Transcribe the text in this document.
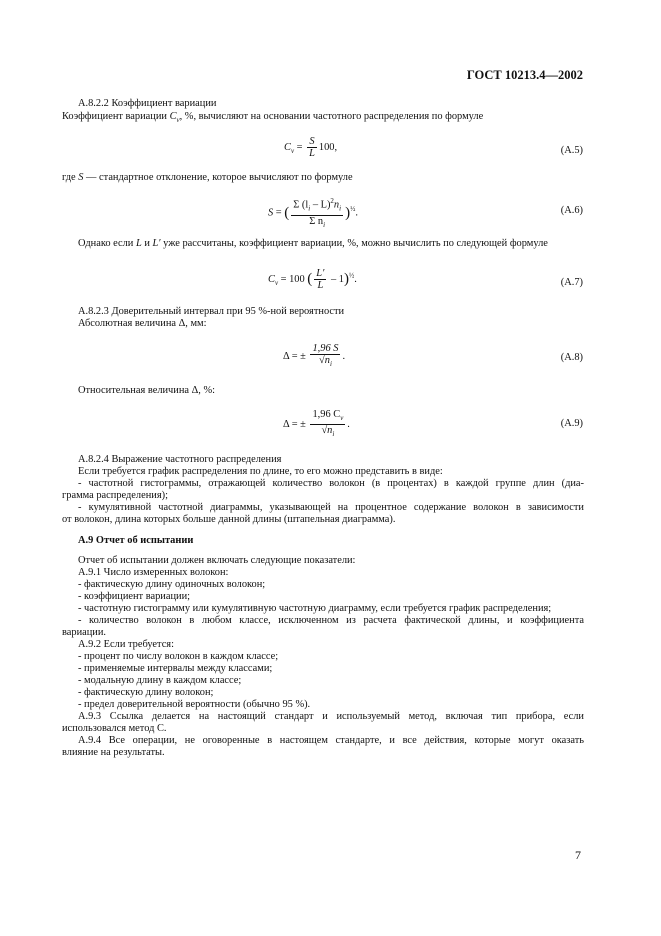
ГОСТ 10213.4—2002
А.8.2.2 Коэффициент вариации
Коэффициент вариации $C_v$, %, вычисляют на основании частотного распределения по формуле
$C_v = \frac{S}{L} 100$,	(А.5)
где S — стандартное отклонение, которое вычисляют по формуле
S = ( $\frac{\Sigma (l_i - L)^2n_i}{\Sigma n_i} )^{\frac{1}{2}}$.	(А.6)
Однако если L и L′ уже рассчитаны, коэффициент вариации, %, можно вычислить по следующей формуле
$C_v = 100$ ( $\frac{L'}{L} - 1)^{\frac{1}{2}}$.	(А.7)
А.8.2.3 Доверительный интервал при 95 %-ной вероятности
Абсолютная величина Δ, мм:
Δ = ± $\frac{1,96 S}{√n_i}$ .	(А.8)
Относительная величина Δ, %:
Δ = ± $\frac{1,96 C_v}{√n_i}$ .	(А.9)
А.8.2.4 Выражение частотного распределения
Если требуется график распределения по длине, то его можно представить в виде:
- частотной гистограммы, отражающей количество волокон (в процентах) в каждой группе длин (диа-
грамма распределения);
- кумулятивной частотной диаграммы, указывающей на процентное содержание волокон в зависимости
от волокон, длина которых больше данной длины (штапельная диаграмма).
А.9 Отчет об испытании
Отчет об испытании должен включать следующие показатели:
А.9.1 Число измеренных волокон:
- фактическую длину одиночных волокон;
- коэффициент вариации;
- частотную гистограмму или кумулятивную частотную диаграмму, если требуется график распределения;
- количество волокон в любом классе, исключенном из расчета фактической длины, и коэффициента
вариации.
А.9.2 Если требуется:
- процент по числу волокон в каждом классе;
- применяемые интервалы между классами;
- модальную длину в каждом классе;
- фактическую длину волокон;
- предел доверительной вероятности (обычно 95 %).
А.9.3 Ссылка делается на настоящий стандарт и используемый метод, включая тип прибора, если
использовался метод С.
А.9.4 Все операции, не оговоренные в настоящем стандарте, и все действия, которые могут оказать
влияние на результаты.
7
